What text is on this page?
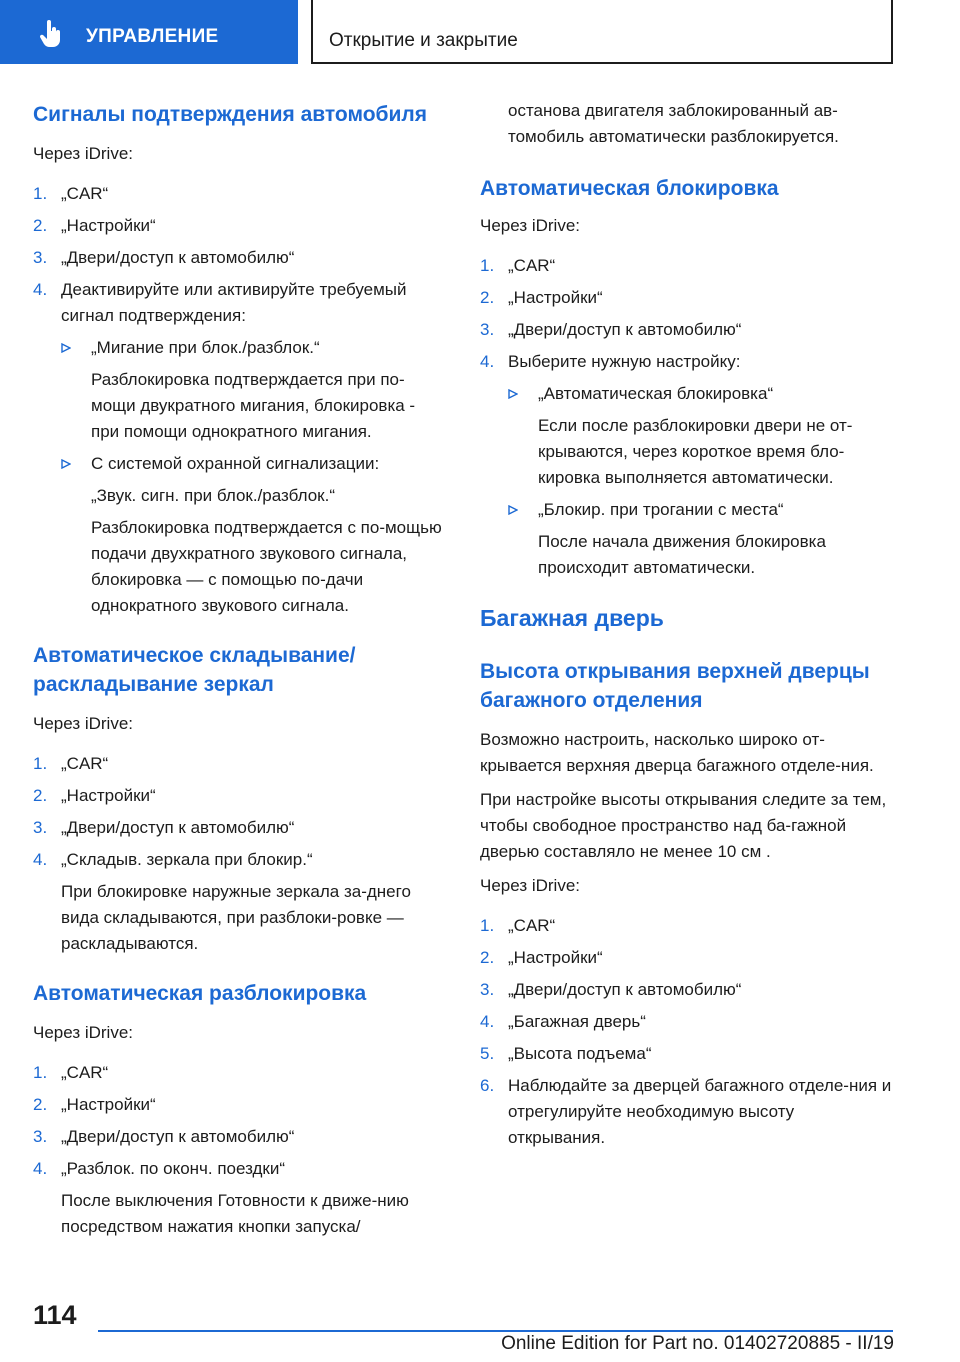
УПРАВЛЕНИЕ	Открытие и закрытие
Сигналы подтверждения автомобиля

Через iDrive:

1. „CAR“
2. „Настройки“
3. „Двери/доступ к автомобилю“
4. Деактивируйте или активируйте требуемый сигнал подтверждения:
„Мигание при блок./разблок.“
Разблокировка подтверждается при по-мощи двукратного мигания, блокировка - при помощи однократного мигания.
С системой охранной сигнализации:
„Звук. сигн. при блок./разблок.“
Разблокировка подтверждается с по-мощью подачи двухкратного звукового сигнала, блокировка — с помощью по-дачи однократного звукового сигнала.
Автоматическое складывание/ раскладывание зеркал

Через iDrive:

1. „CAR“
2. „Настройки“
3. „Двери/доступ к автомобилю“
4. „Складыв. зеркала при блокир.“
При блокировке наружные зеркала за-днего вида складываются, при разблоки-ровке — раскладываются.
Автоматическая разблокировка

Через iDrive:

1. „CAR“
2. „Настройки“
3. „Двери/доступ к автомобилю“
4. „Разблок. по оконч. поездки“
После выключения Готовности к движе-нию посредством нажатия кнопки запуска/

останова двигателя заблокированный ав-томобиль автоматически разблокируется.

Автоматическая блокировка

Через iDrive:

1. „CAR“
2. „Настройки“
3. „Двери/доступ к автомобилю“
4. Выберите нужную настройку:
„Автоматическая блокировка“
Если после разблокировки двери не от-крываются, через короткое время бло-кировка выполняется автоматически.
„Блокир. при трогании с места“
После начала движения блокировка происходит автоматически.
Багажная дверь
Высота открывания верхней дверцы багажного отделения

Возможно настроить, насколько широко от-крывается верхняя дверца багажного отделе-ния.

При настройке высоты открывания следите за тем, чтобы свободное пространство над ба-гажной дверью составляло не менее 10 см .

Через iDrive:

1. „CAR“
2. „Настройки“
3. „Двери/доступ к автомобилю“
4. „Багажная дверь“
5. „Высота подъема“
6. Наблюдайте за дверцей багажного отделе-ния и отрегулируйте необходимую высоту открывания.
114
Online Edition for Part no. 01402720885 - II/19
